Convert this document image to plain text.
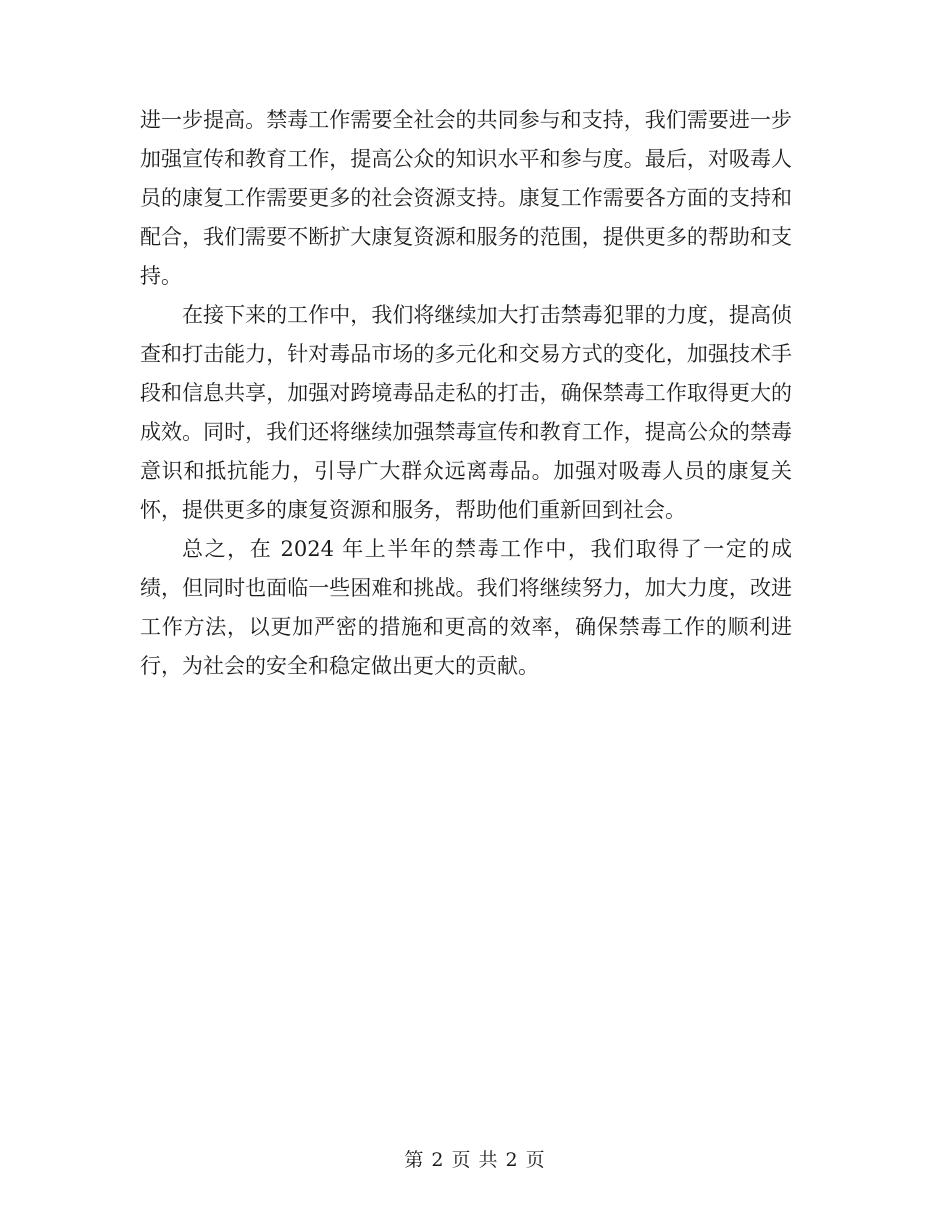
进一步提高。禁毒工作需要全社会的共同参与和支持，我们需要进一步加强宣传和教育工作，提高公众的知识水平和参与度。最后，对吸毒人员的康复工作需要更多的社会资源支持。康复工作需要各方面的支持和配合，我们需要不断扩大康复资源和服务的范围，提供更多的帮助和支持。

在接下来的工作中，我们将继续加大打击禁毒犯罪的力度，提高侦查和打击能力，针对毒品市场的多元化和交易方式的变化，加强技术手段和信息共享，加强对跨境毒品走私的打击，确保禁毒工作取得更大的成效。同时，我们还将继续加强禁毒宣传和教育工作，提高公众的禁毒意识和抵抗能力，引导广大群众远离毒品。加强对吸毒人员的康复关怀，提供更多的康复资源和服务，帮助他们重新回到社会。

总之，在 2024 年上半年的禁毒工作中，我们取得了一定的成绩，但同时也面临一些困难和挑战。我们将继续努力，加大力度，改进工作方法，以更加严密的措施和更高的效率，确保禁毒工作的顺利进行，为社会的安全和稳定做出更大的贡献。

第 2 页 共 2 页
